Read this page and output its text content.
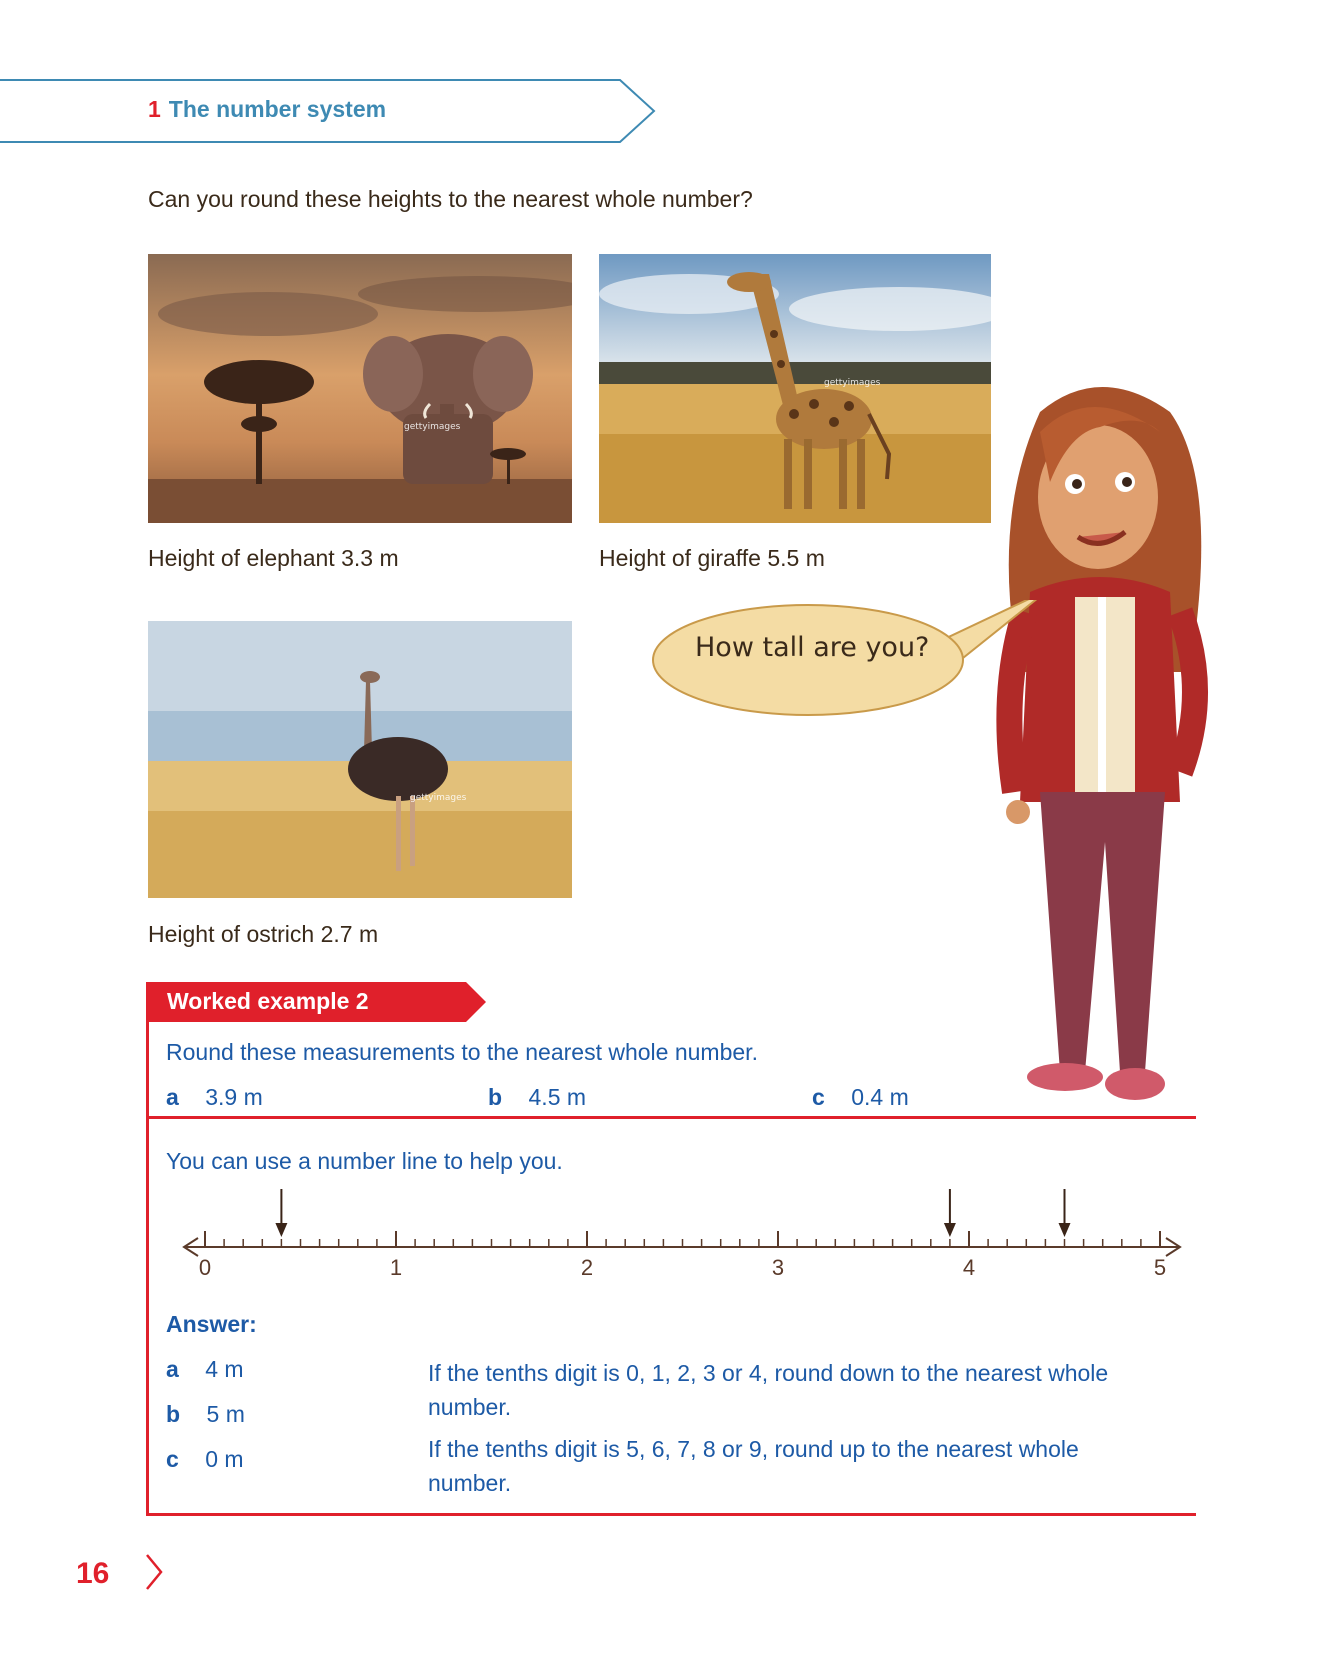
1 The number system
Can you round these heights to the nearest whole number?
gettyimages
Height of elephant 3.3 m
gettyimages
Height of giraffe 5.5 m
gettyimages
Height of ostrich 2.7 m
How tall are you?
Worked example 2
Round these measurements to the nearest whole number.
a 3.9 m	b 4.5 m	c 0.4 m
You can use a number line to help you.
0	1	2	3	4	5
Answer:
a 4 m
b 5 m
c 0 m
If the tenths digit is 0, 1, 2, 3 or 4, round down to the nearest whole number.
If the tenths digit is 5, 6, 7, 8 or 9, round up to the nearest whole number.
16
